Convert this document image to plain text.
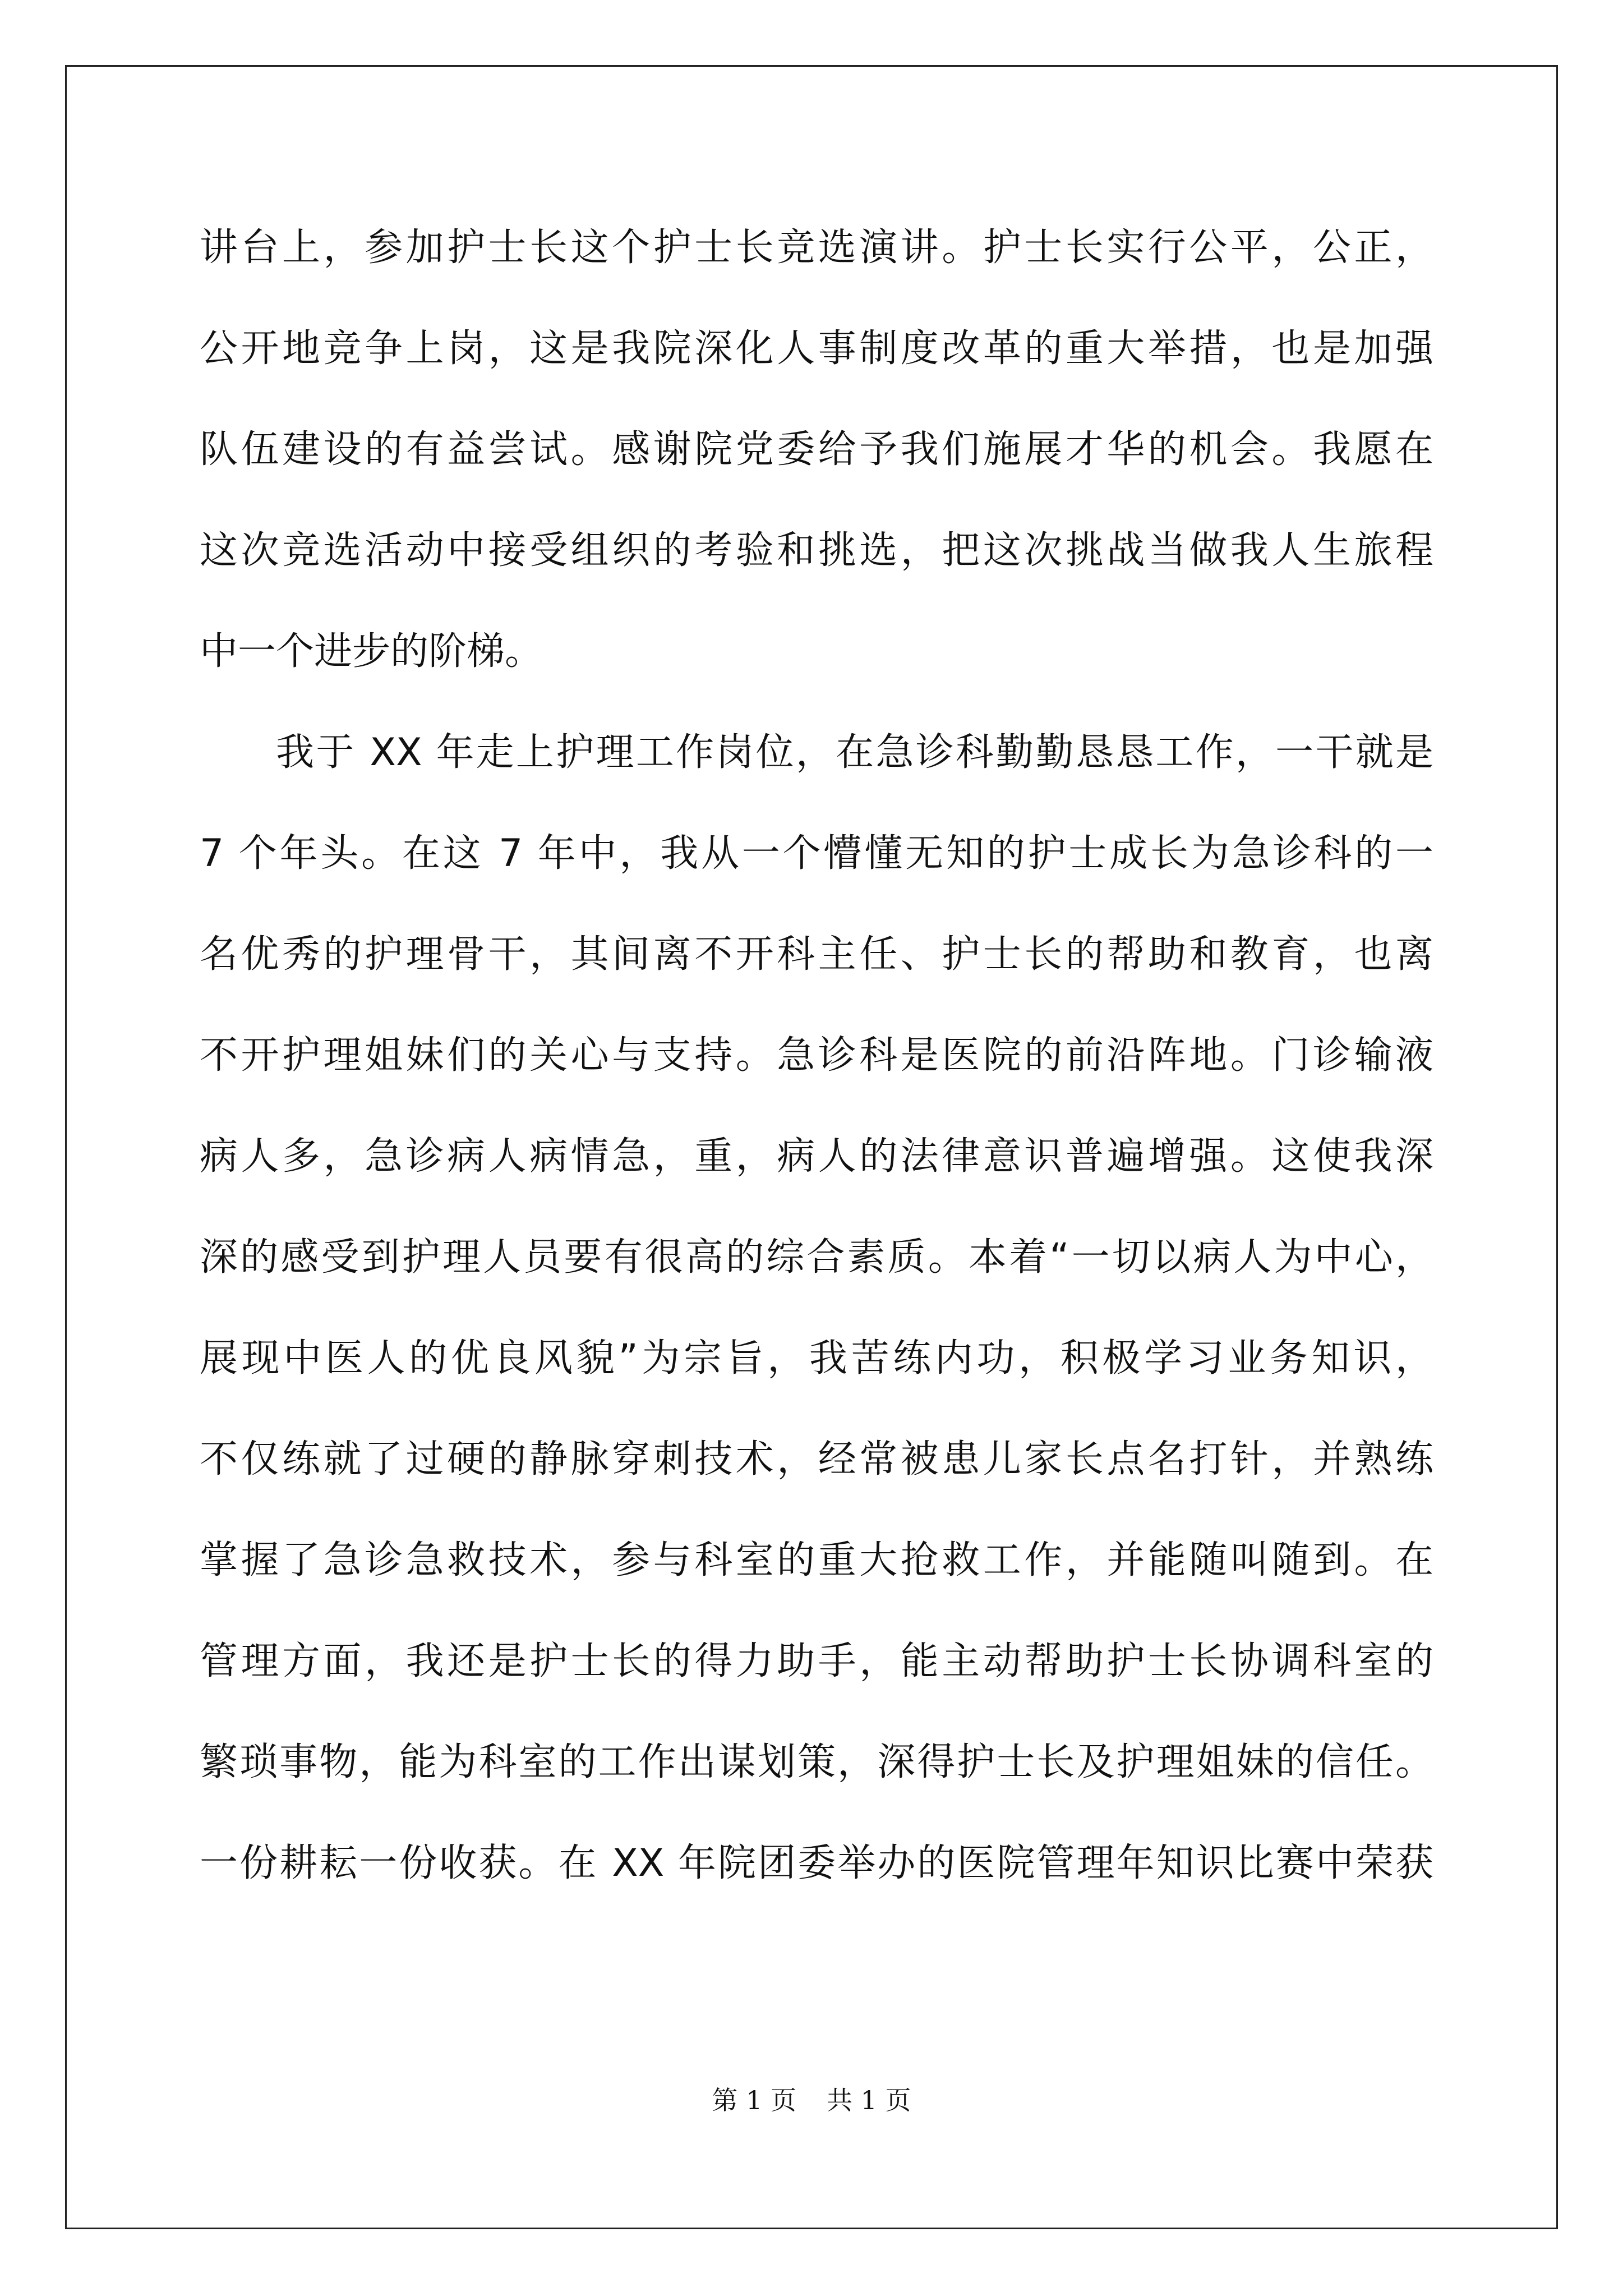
讲台上，参加护士长这个护士长竞选演讲。护士长实行公平，公正，
公开地竞争上岗，这是我院深化人事制度改革的重大举措，也是加强
队伍建设的有益尝试。感谢院党委给予我们施展才华的机会。我愿在
这次竞选活动中接受组织的考验和挑选，把这次挑战当做我人生旅程
中一个进步的阶梯。
我于 XX 年走上护理工作岗位，在急诊科勤勤恳恳工作，一干就是
7 个年头。在这 7 年中，我从一个懵懂无知的护士成长为急诊科的一
名优秀的护理骨干，其间离不开科主任、护士长的帮助和教育，也离
不开护理姐妹们的关心与支持。急诊科是医院的前沿阵地。门诊输液
病人多，急诊病人病情急，重，病人的法律意识普遍增强。这使我深
深的感受到护理人员要有很高的综合素质。本着“一切以病人为中心，
展现中医人的优良风貌”为宗旨，我苦练内功，积极学习业务知识，
不仅练就了过硬的静脉穿刺技术，经常被患儿家长点名打针，并熟练
掌握了急诊急救技术，参与科室的重大抢救工作，并能随叫随到。在
管理方面，我还是护士长的得力助手，能主动帮助护士长协调科室的
繁琐事物，能为科室的工作出谋划策，深得护士长及护理姐妹的信任。
一份耕耘一份收获。在 XX 年院团委举办的医院管理年知识比赛中荣获
第 1 页 共 1 页
